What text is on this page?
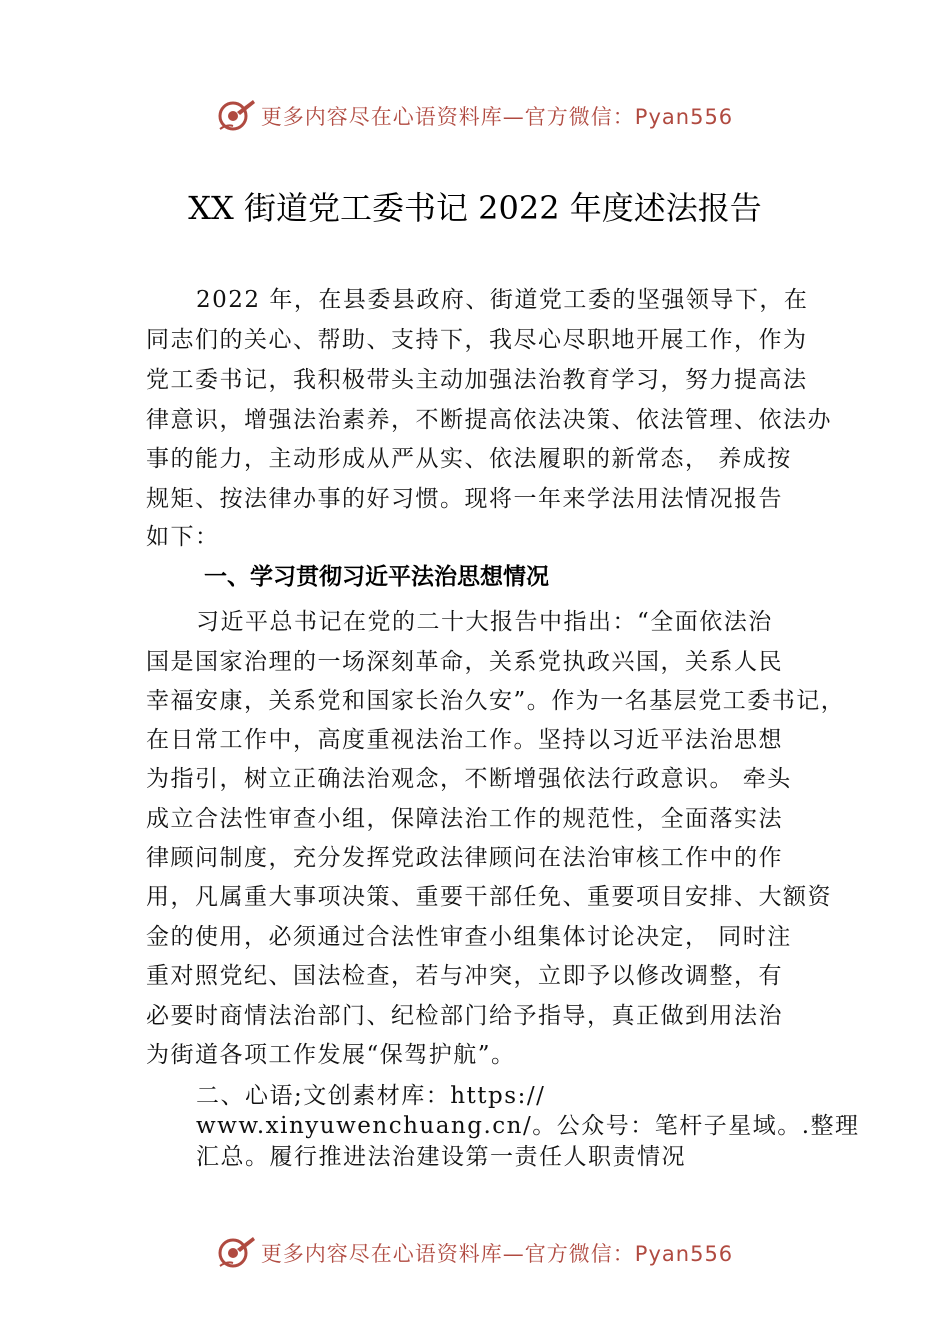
更多内容尽在心语资料库—官方微信：Pyan556
XX 街道党工委书记 2022 年度述法报告

2022 年，在县委县政府、街道党工委的坚强领导下，在

同志们的关心、帮助、支持下，我尽心尽职地开展工作，作为

党工委书记，我积极带头主动加强法治教育学习，努力提高法

律意识，增强法治素养，不断提高依法决策、依法管理、依法办

事的能力，主动形成从严从实、依法履职的新常态， 养成按

规矩、按法律办事的好习惯。现将一年来学法用法情况报告

如下：

一、学习贯彻习近平法治思想情况

习近平总书记在党的二十大报告中指出：“全面依法治

国是国家治理的一场深刻革命，关系党执政兴国，关系人民

幸福安康，关系党和国家长治久安”。作为一名基层党工委书记，

在日常工作中，高度重视法治工作。坚持以习近平法治思想

为指引，树立正确法治观念，不断增强依法行政意识。 牵头

成立合法性审查小组，保障法治工作的规范性，全面落实法

律顾问制度，充分发挥党政法律顾问在法治审核工作中的作

用，凡属重大事项决策、重要干部任免、重要项目安排、大额资

金的使用，必须通过合法性审查小组集体讨论决定， 同时注

重对照党纪、国法检查，若与冲突，立即予以修改调整，有

必要时商情法治部门、纪检部门给予指导，真正做到用法治

为街道各项工作发展“保驾护航”。

二、心语;文创素材库：https://

www.xinyuwenchuang.cn/。公众号：笔杆子星域。.整理

汇总。履行推进法治建设第一责任人职责情况

更多内容尽在心语资料库—官方微信：Pyan556
